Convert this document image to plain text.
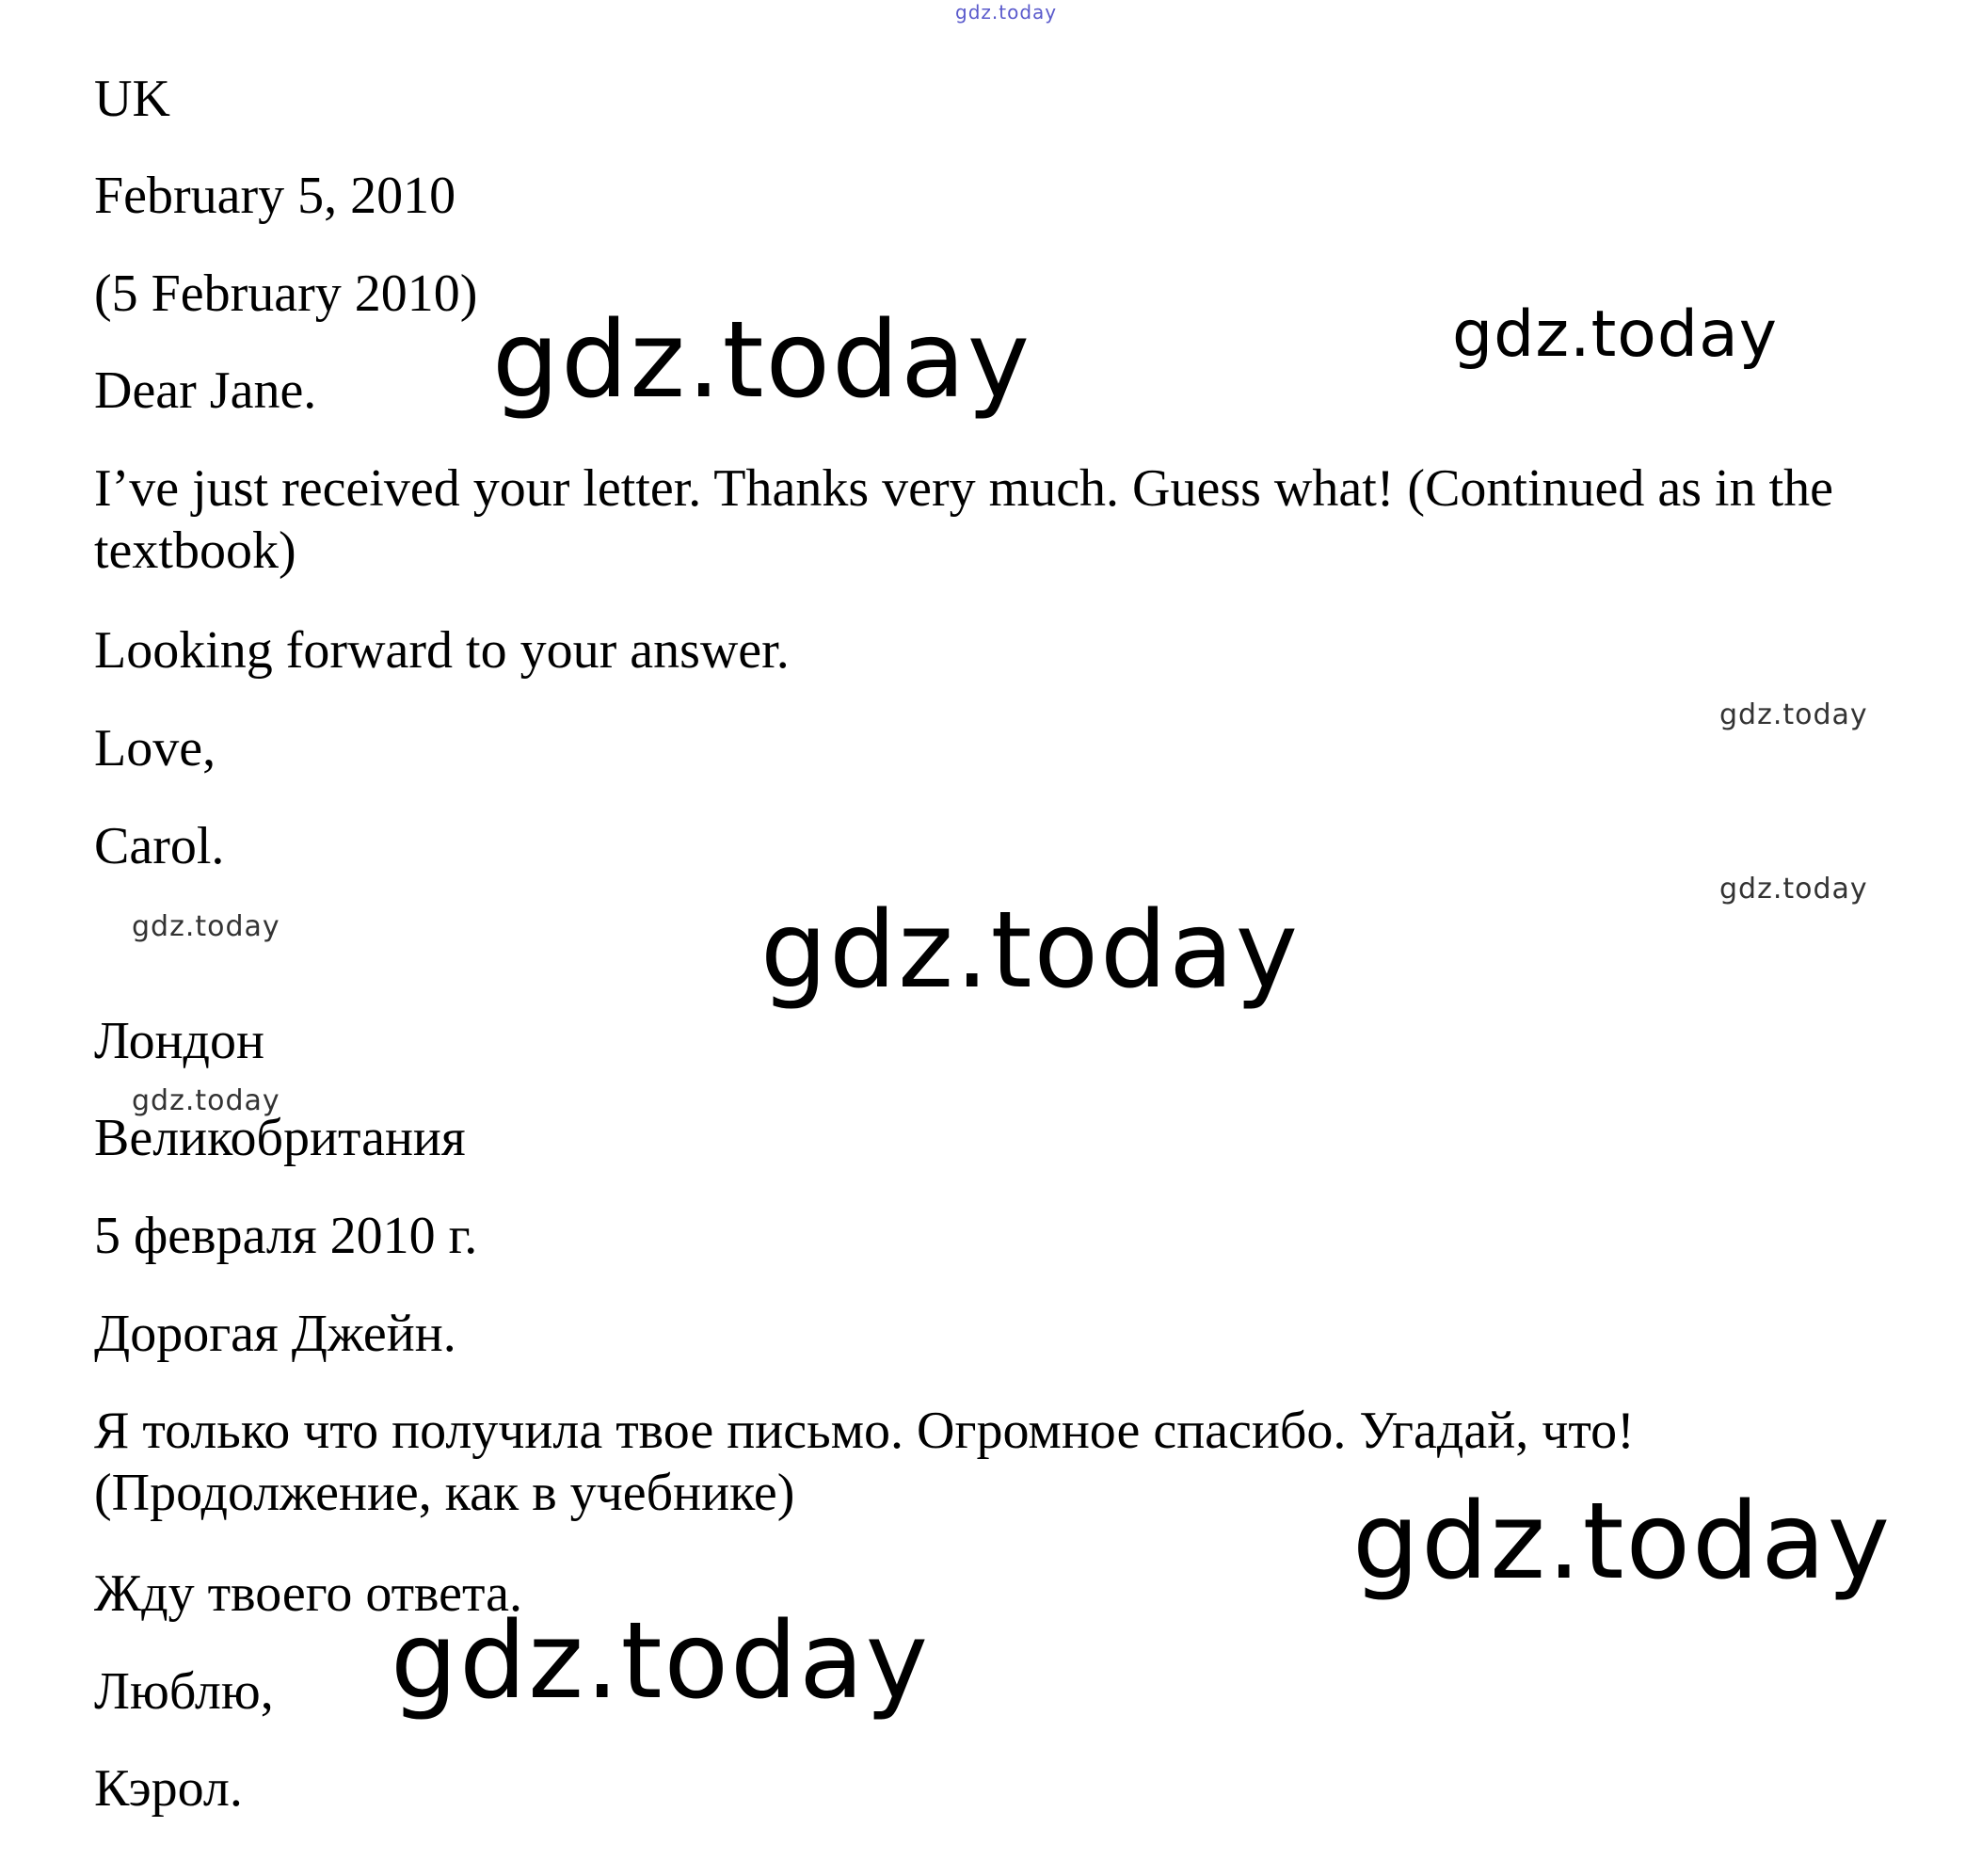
UK

February 5, 2010

(5 February 2010)

Dear Jane.

I’ve just received your letter. Thanks very much. Guess what! (Continued as in the textbook)

Looking forward to your answer.

Love,

Carol.

Лондон

Великобритания

5 февраля 2010 г.

Дорогая Джейн.

Я только что получила твое письмо. Огромное спасибо. Угадай, что! (Продолжение, как в учебнике)

Жду твоего ответа.

Люблю,

Кэрол.

gdz.today

gdz.today	gdz.today

gdz.today

gdz.today

gdz.today	gdz.today

gdz.today

gdz.today

gdz.today
